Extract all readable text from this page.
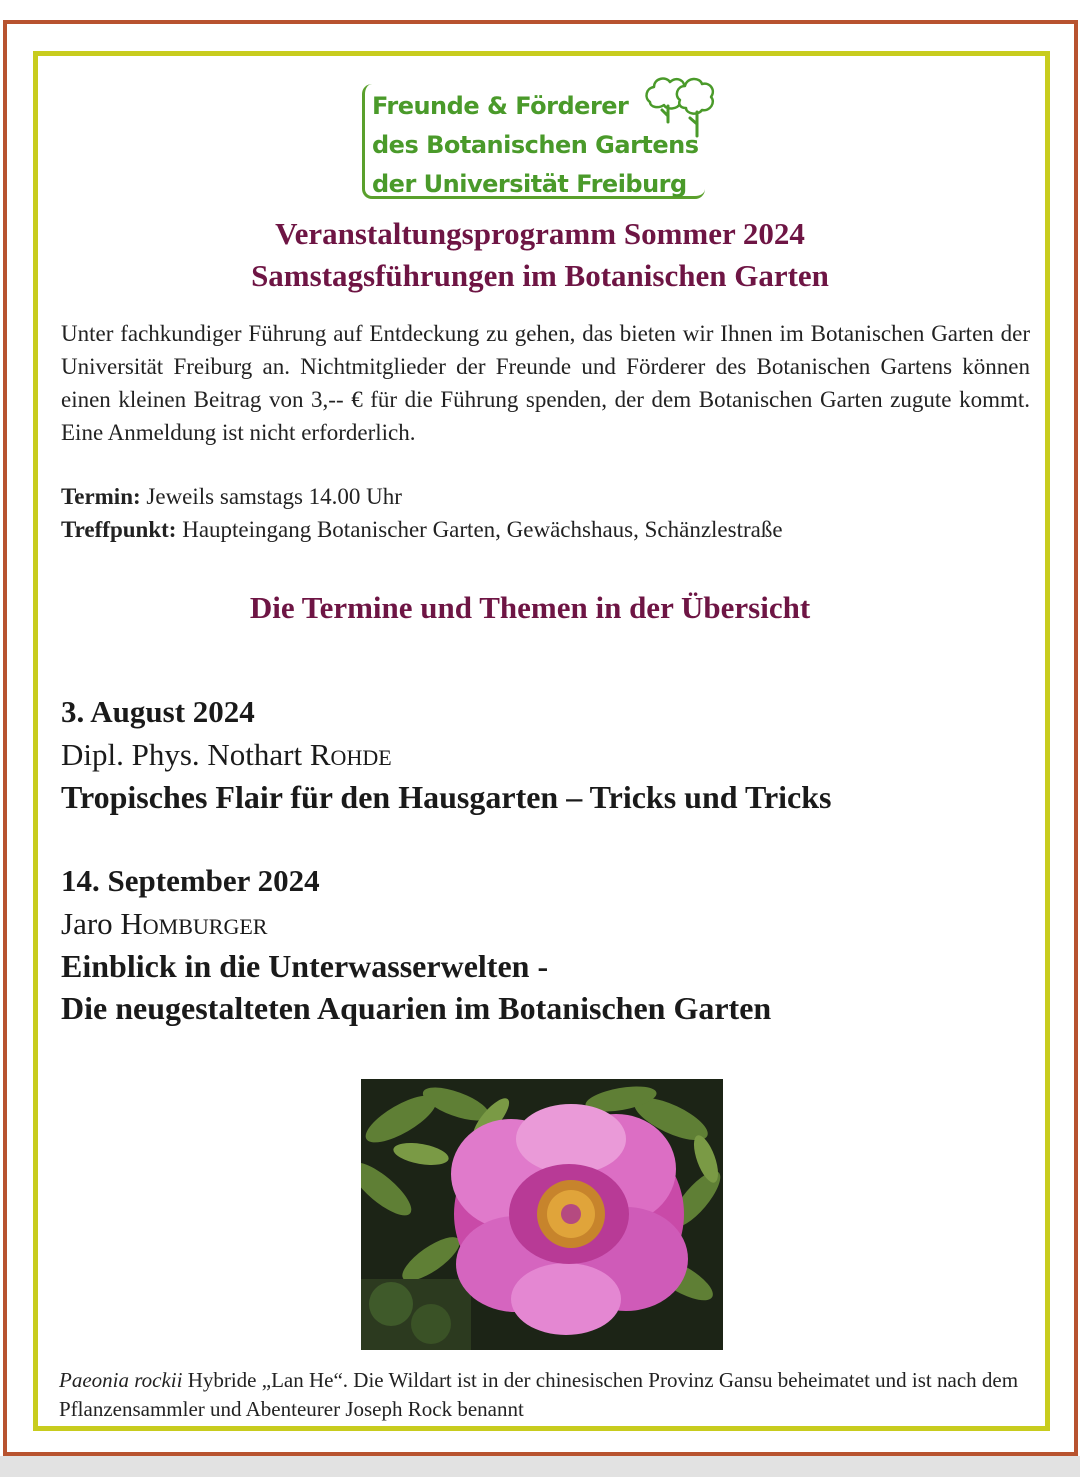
Freunde & Förderer
des Botanischen Gartens
der Universität Freiburg
Veranstaltungsprogramm Sommer 2024
Samstagsführungen im Botanischen Garten
Unter fachkundiger Führung auf Entdeckung zu gehen, das bieten wir Ihnen im Botanischen Garten der Universität Freiburg an. Nichtmitglieder der Freunde und Förderer des Botanischen Gartens können einen kleinen Beitrag von 3,-- € für die Führung spenden, der dem Botanischen Garten zugute kommt. Eine Anmeldung ist nicht erforderlich.
Termin: Jeweils samstags 14.00 Uhr
Treffpunkt: Haupteingang Botanischer Garten, Gewächshaus, Schänzlestraße
Die Termine und Themen in der Übersicht
3. August 2024
Dipl. Phys. Nothart Rohde
Tropisches Flair für den Hausgarten – Tricks und Tricks
14. September 2024
Jaro Homburger
Einblick in die Unterwasserwelten -
Die neugestalteten Aquarien im Botanischen Garten
Paeonia rockii Hybride „Lan He“. Die Wildart ist in der chinesischen Provinz Gansu beheimatet und ist nach dem Pflanzensammler und Abenteurer Joseph Rock benannt
